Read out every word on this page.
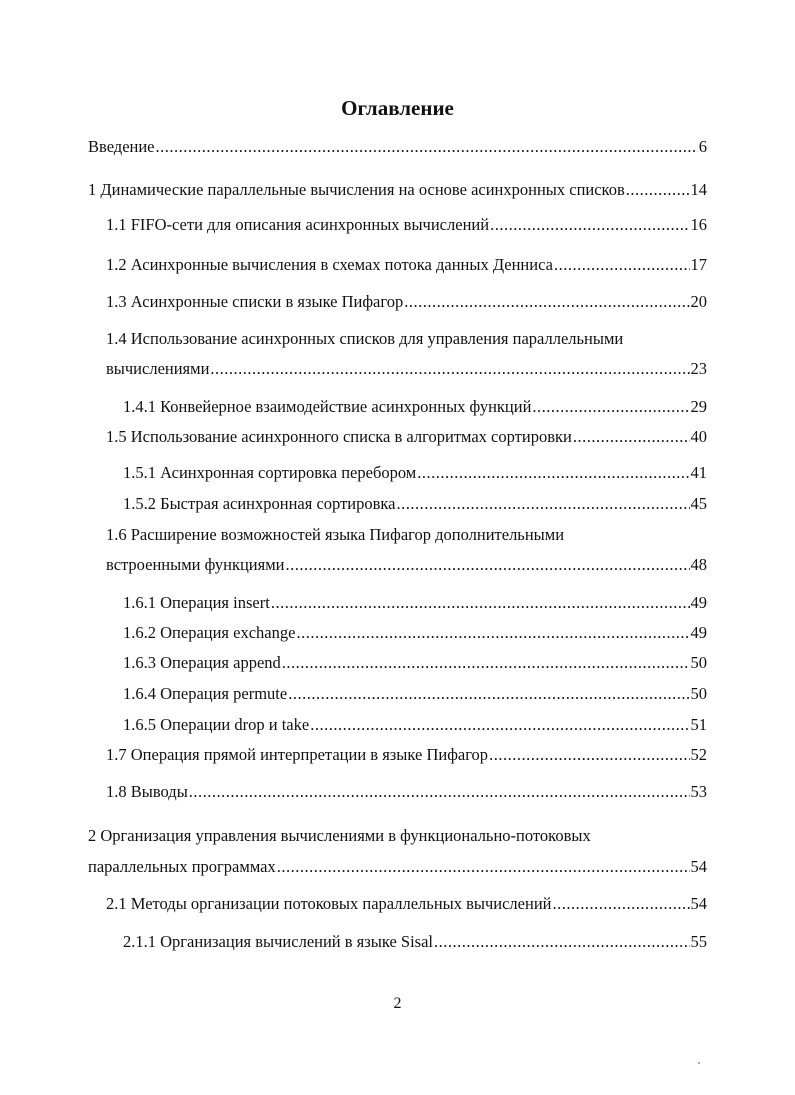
Оглавление
Введение .....	6
1 Динамические параллельные вычисления на основе асинхронных списков .....	14
1.1 FIFO-сети для описания асинхронных вычислений .....	16
1.2 Асинхронные вычисления в схемах потока данных Денниса .....	17
1.3 Асинхронные списки в языке Пифагор .....	20
1.4 Использование асинхронных списков для управления параллельными
вычислениями .....	23
1.4.1 Конвейерное взаимодействие асинхронных функций .....	29
1.5 Использование асинхронного списка в алгоритмах сортировки .....	40
1.5.1 Асинхронная сортировка перебором .....	41
1.5.2 Быстрая асинхронная сортировка .....	45
1.6 Расширение возможностей языка Пифагор дополнительными
встроенными функциями .....	48
1.6.1 Операция insert .....	49
1.6.2 Операция exchange .....	49
1.6.3 Операция append .....	50
1.6.4 Операция permute .....	50
1.6.5 Операции drop и take .....	51
1.7 Операция прямой интерпретации в языке Пифагор .....	52
1.8 Выводы .....	53
2 Организация управления вычислениями в функционально-потоковых
параллельных программах .....	54
2.1 Методы организации потоковых параллельных вычислений .....	54
2.1.1 Организация вычислений в языке Sisal .....	55
2
